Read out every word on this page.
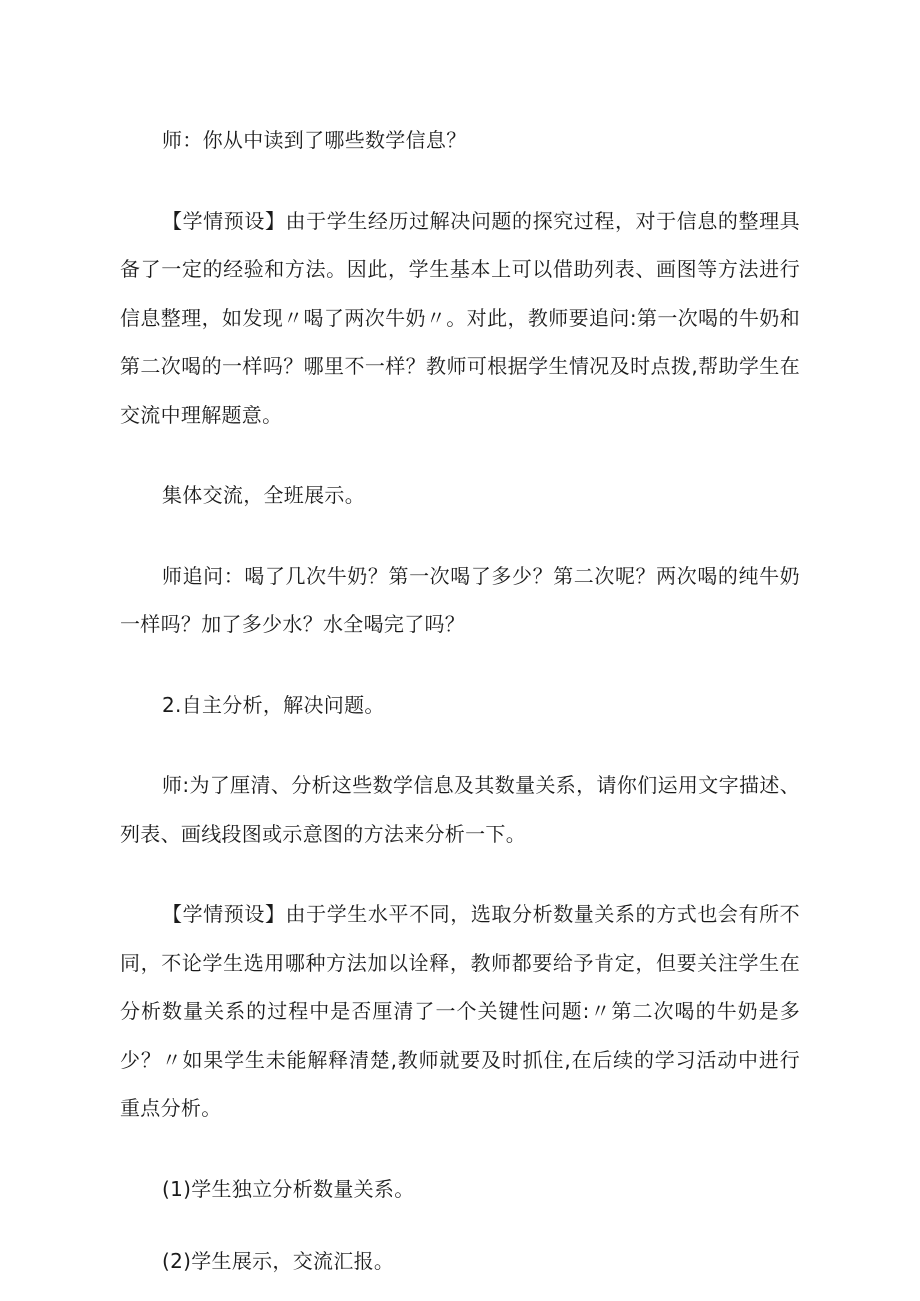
师：你从中读到了哪些数学信息？

【学情预设】由于学生经历过解决问题的探究过程，对于信息的整理具备了一定的经验和方法。因此，学生基本上可以借助列表、画图等方法进行信息整理，如发现〃喝了两次牛奶〃。对此，教师要追问:第一次喝的牛奶和第二次喝的一样吗？哪里不一样？教师可根据学生情况及时点拨,帮助学生在交流中理解题意。

集体交流，全班展示。

师追问：喝了几次牛奶？第一次喝了多少？第二次呢？两次喝的纯牛奶一样吗？加了多少水？水全喝完了吗？

2.自主分析，解决问题。

师:为了厘清、分析这些数学信息及其数量关系，请你们运用文字描述、列表、画线段图或示意图的方法来分析一下。

【学情预设】由于学生水平不同，选取分析数量关系的方式也会有所不同，不论学生选用哪种方法加以诠释，教师都要给予肯定，但要关注学生在分析数量关系的过程中是否厘清了一个关键性问题:〃第二次喝的牛奶是多少？〃如果学生未能解释清楚,教师就要及时抓住,在后续的学习活动中进行重点分析。

(1)学生独立分析数量关系。

(2)学生展示，交流汇报。
